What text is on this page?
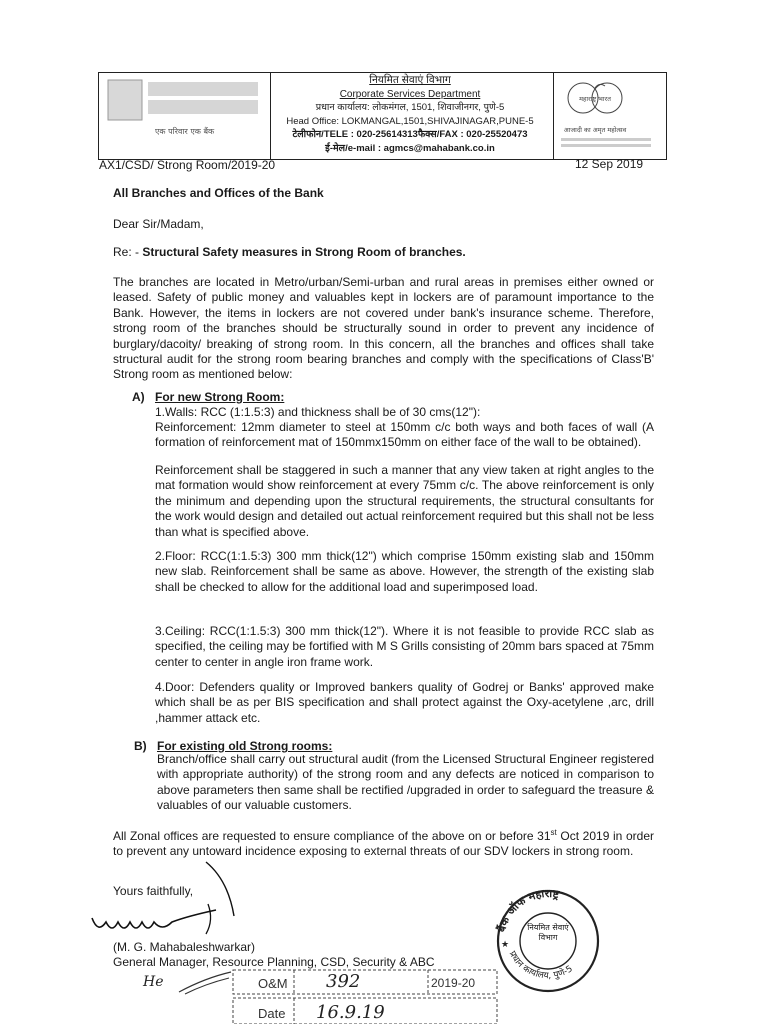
एक परिवार एक बैंक
नियमित सेवाएं विभाग
Corporate Services Department
प्रधान कार्यालय: लोकमंगल, 1501, शिवाजीनगर, पुणे-5
Head Office: LOKMANGAL,1501,SHIVAJINAGAR,PUNE-5
टेलीफोन/TELE : 020-25614313फैक्स/FAX : 020-25520473
ई-मेल/e-mail : agmcs@mahabank.co.in
महाराष्ट्र भारत
आजादी का अमृत महोत्सव
AX1/CSD/ Strong Room/2019-20	12 Sep 2019
All Branches and Offices of the Bank
Dear Sir/Madam,
Re: - Structural Safety measures in Strong Room of branches.
The branches are located in Metro/urban/Semi-urban and rural areas in premises either owned or leased. Safety of public money and valuables kept in lockers are of paramount importance to the Bank. However, the items in lockers are not covered under bank's insurance scheme. Therefore, strong room of the branches should be structurally sound in order to prevent any incidence of burglary/dacoity/ breaking of strong room. In this concern, all the branches and offices shall take structural audit for the strong room bearing branches and comply with the specifications of Class'B' Strong room as mentioned below:
A) For new Strong Room:
1.Walls: RCC (1:1.5:3) and thickness shall be of 30 cms(12"):
Reinforcement: 12mm diameter to steel at 150mm c/c both ways and both faces of wall (A formation of reinforcement mat of 150mmx150mm on either face of the wall to be obtained).
Reinforcement shall be staggered in such a manner that any view taken at right angles to the mat formation would show reinforcement at every 75mm c/c. The above reinforcement is only the minimum and depending upon the structural requirements, the structural consultants for the work would design and detailed out actual reinforcement required but this shall not be less than what is specified above.
2.Floor: RCC(1:1.5:3) 300 mm thick(12") which comprise 150mm existing slab and 150mm new slab. Reinforcement shall be same as above. However, the strength of the existing slab shall be checked to allow for the additional load and superimposed load.
3.Ceiling: RCC(1:1.5:3) 300 mm thick(12"). Where it is not feasible to provide RCC slab as specified, the ceiling may be fortified with M S Grills consisting of 20mm bars spaced at 75mm center to center in angle iron frame work.
4.Door: Defenders quality or Improved bankers quality of Godrej or Banks' approved make which shall be as per BIS specification and shall protect against the Oxy-acetylene ,arc, drill ,hammer attack etc.
B) For existing old Strong rooms:
Branch/office shall carry out structural audit (from the Licensed Structural Engineer registered with appropriate authority) of the strong room and any defects are noticed in comparison to above parameters then same shall be rectified /upgraded in order to safeguard the treasure & valuables of our valuable customers.
All Zonal offices are requested to ensure compliance of the above on or before 31st Oct 2019 in order to prevent any untoward incidence exposing to external threats of our SDV lockers in strong room.
Yours faithfully,
(M. G. Mahabaleshwarkar)
General Manager, Resource Planning, CSD, Security & ABC
He
बैंक ऑफ महाराष्ट्र
प्रधान कार्यालय, पुणे-5
नियमित सेवाएं विभाग
★
O&M 392	2019-20
Date 16.9.19
